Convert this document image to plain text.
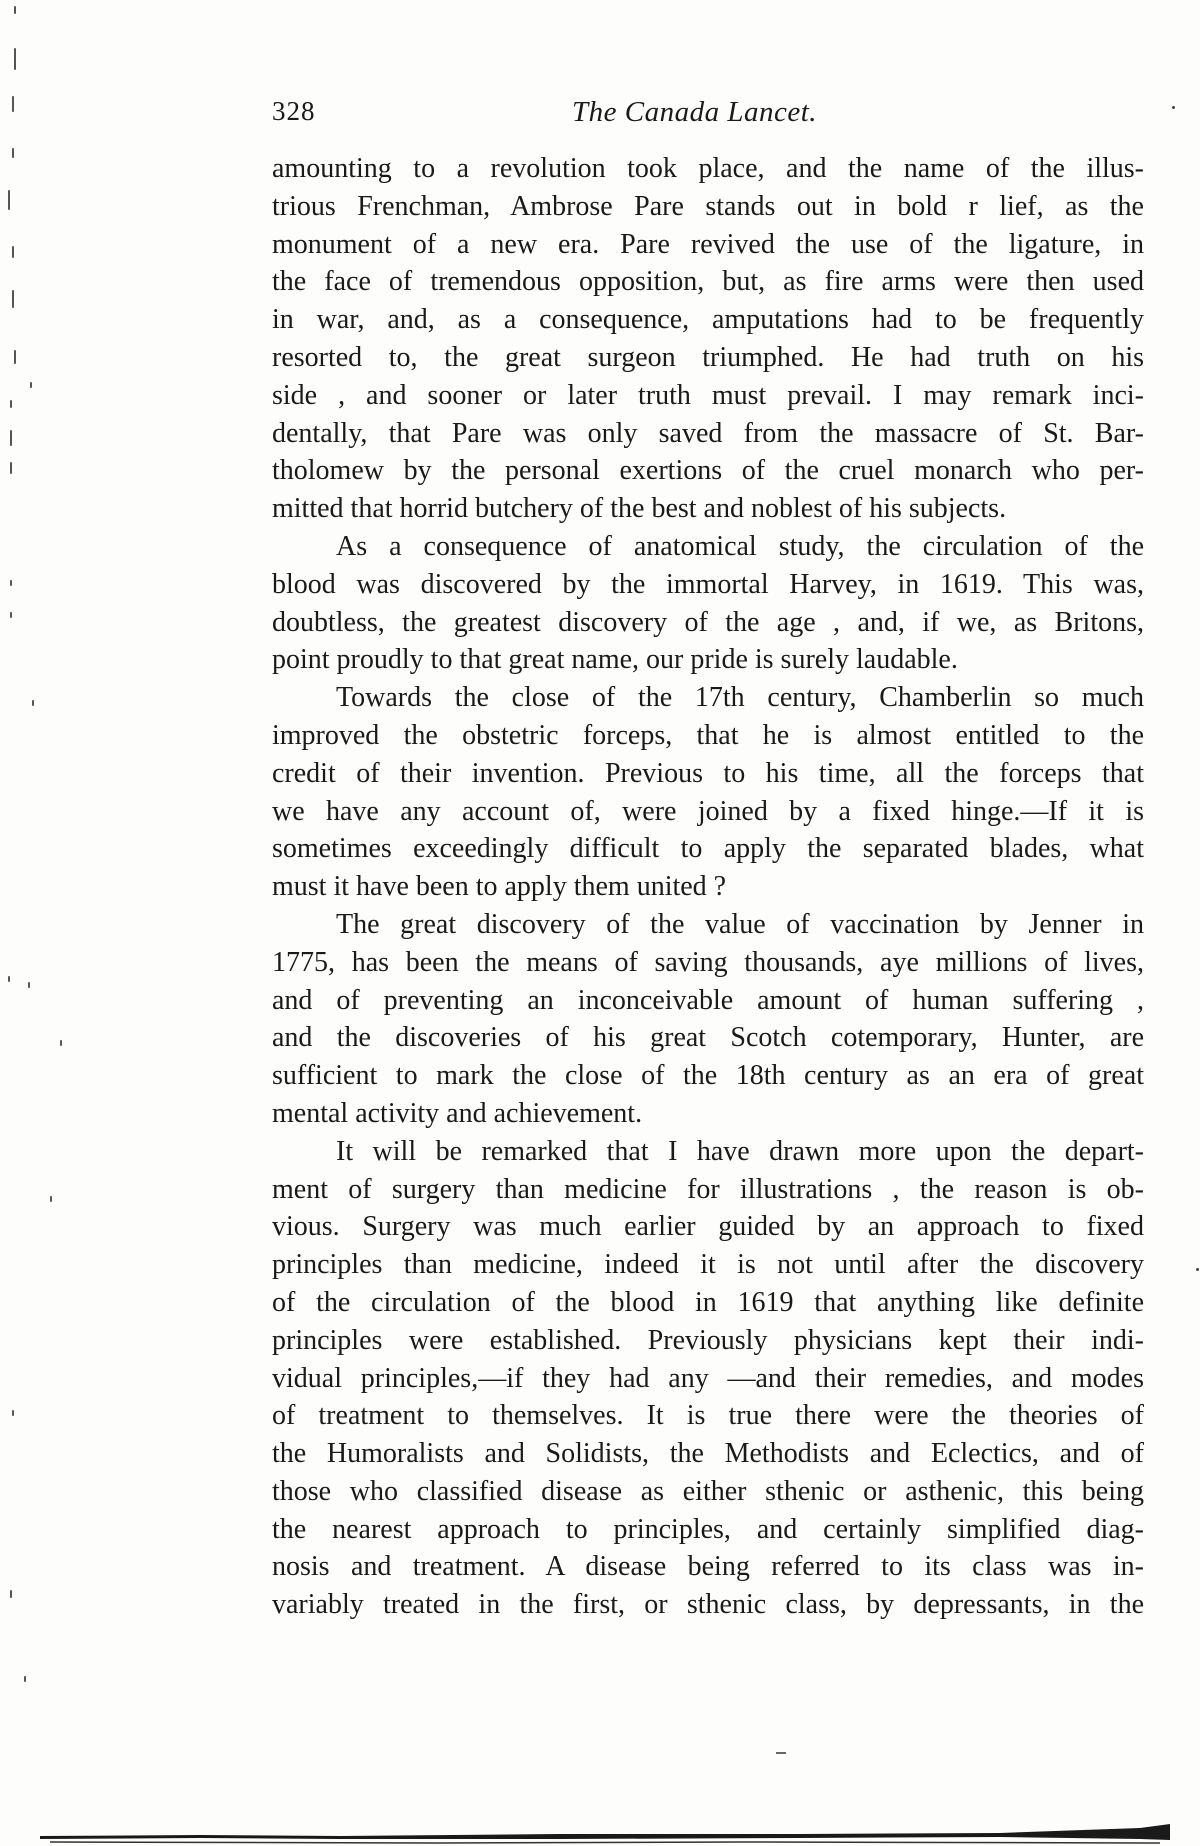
328	The Canada Lancet.
amounting to a revolution took place, and the name of the illus-
trious Frenchman, Ambrose Pare stands out in bold r lief, as the
monument of a new era. Pare revived the use of the ligature, in
the face of tremendous opposition, but, as fire arms were then used
in war, and, as a consequence, amputations had to be frequently
resorted to, the great surgeon triumphed. He had truth on his
side , and sooner or later truth must prevail. I may remark inci-
dentally, that Pare was only saved from the massacre of St. Bar-
tholomew by the personal exertions of the cruel monarch who per-
mitted that horrid butchery of the best and noblest of his subjects.
As a consequence of anatomical study, the circulation of the
blood was discovered by the immortal Harvey, in 1619. This was,
doubtless, the greatest discovery of the age , and, if we, as Britons,
point proudly to that great name, our pride is surely laudable.
Towards the close of the 17th century, Chamberlin so much
improved the obstetric forceps, that he is almost entitled to the
credit of their invention. Previous to his time, all the forceps that
we have any account of, were joined by a fixed hinge.—If it is
sometimes exceedingly difficult to apply the separated blades, what
must it have been to apply them united ?
The great discovery of the value of vaccination by Jenner in
1775, has been the means of saving thousands, aye millions of lives,
and of preventing an inconceivable amount of human suffering ,
and the discoveries of his great Scotch cotemporary, Hunter, are
sufficient to mark the close of the 18th century as an era of great
mental activity and achievement.
It will be remarked that I have drawn more upon the depart-
ment of surgery than medicine for illustrations , the reason is ob-
vious. Surgery was much earlier guided by an approach to fixed
principles than medicine, indeed it is not until after the discovery
of the circulation of the blood in 1619 that anything like definite
principles were established. Previously physicians kept their indi-
vidual principles,—if they had any —and their remedies, and modes
of treatment to themselves. It is true there were the theories of
the Humoralists and Solidists, the Methodists and Eclectics, and of
those who classified disease as either sthenic or asthenic, this being
the nearest approach to principles, and certainly simplified diag-
nosis and treatment. A disease being referred to its class was in-
variably treated in the first, or sthenic class, by depressants, in the
